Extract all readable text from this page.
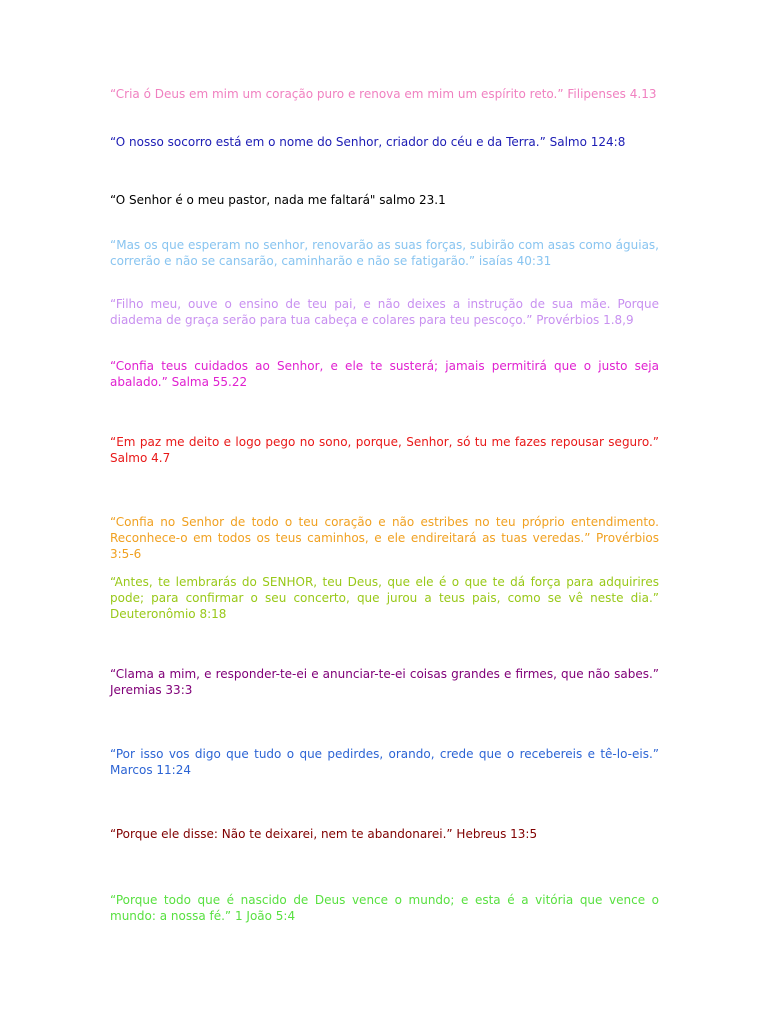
“Cria ó Deus em mim um coração puro e renova em mim um espírito reto.” Filipenses 4.13

“O nosso socorro está em o nome do Senhor, criador do céu e da Terra.” Salmo 124:8

“O Senhor é o meu pastor, nada me faltará" salmo 23.1

“Mas os que esperam no senhor, renovarão as suas forças, subirão com asas como águias, correrão e não se cansarão, caminharão e não se fatigarão.” isaías 40:31

“Filho meu, ouve o ensino de teu pai, e não deixes a instrução de sua mãe. Porque diadema de graça serão para tua cabeça e colares para teu pescoço.” Provérbios 1.8,9

“Confia teus cuidados ao Senhor, e ele te susterá; jamais permitirá que o justo seja abalado.” Salma 55.22

“Em paz me deito e logo pego no sono, porque, Senhor, só tu me fazes repousar seguro.” Salmo 4.7

“Confia no Senhor de todo o teu coração e não estribes no teu próprio entendimento. Reconhece-o em todos os teus caminhos, e ele endireitará as tuas veredas.” Provérbios 3:5-6

“Antes, te lembrarás do SENHOR, teu Deus, que ele é o que te dá força para adquirires pode; para confirmar o seu concerto, que jurou a teus pais, como se vê neste dia.” Deuteronômio 8:18

“Clama a mim, e responder-te-ei e anunciar-te-ei coisas grandes e firmes, que não sabes.” Jeremias 33:3

“Por isso vos digo que tudo o que pedirdes, orando, crede que o recebereis e tê-lo-eis.” Marcos 11:24

“Porque ele disse: Não te deixarei, nem te abandonarei.” Hebreus 13:5

“Porque todo que é nascido de Deus vence o mundo; e esta é a vitória que vence o mundo: a nossa fé.” 1 João 5:4
